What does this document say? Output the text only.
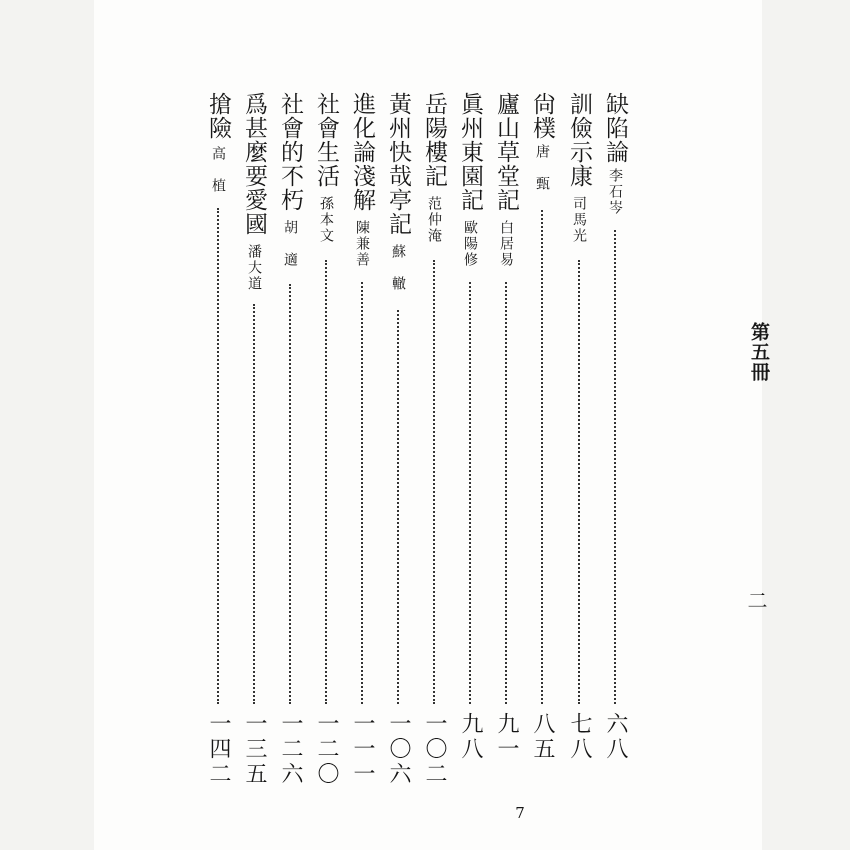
第五冊
二
7
缺陷論
李石岑
六八
訓儉示康
司馬光
七八
尙樸
唐　甄
八五
廬山草堂記
白居易
九一
眞州東園記
歐陽修
九八
岳陽樓記
范仲淹
一〇二
黃州快哉亭記
蘇　轍
一〇六
進化論淺解
陳兼善
一一一
社會生活
孫本文
一二〇
社會的不朽
胡　適
一二六
爲甚麼要愛國
潘大道
一三五
搶險
高　植
一四二
